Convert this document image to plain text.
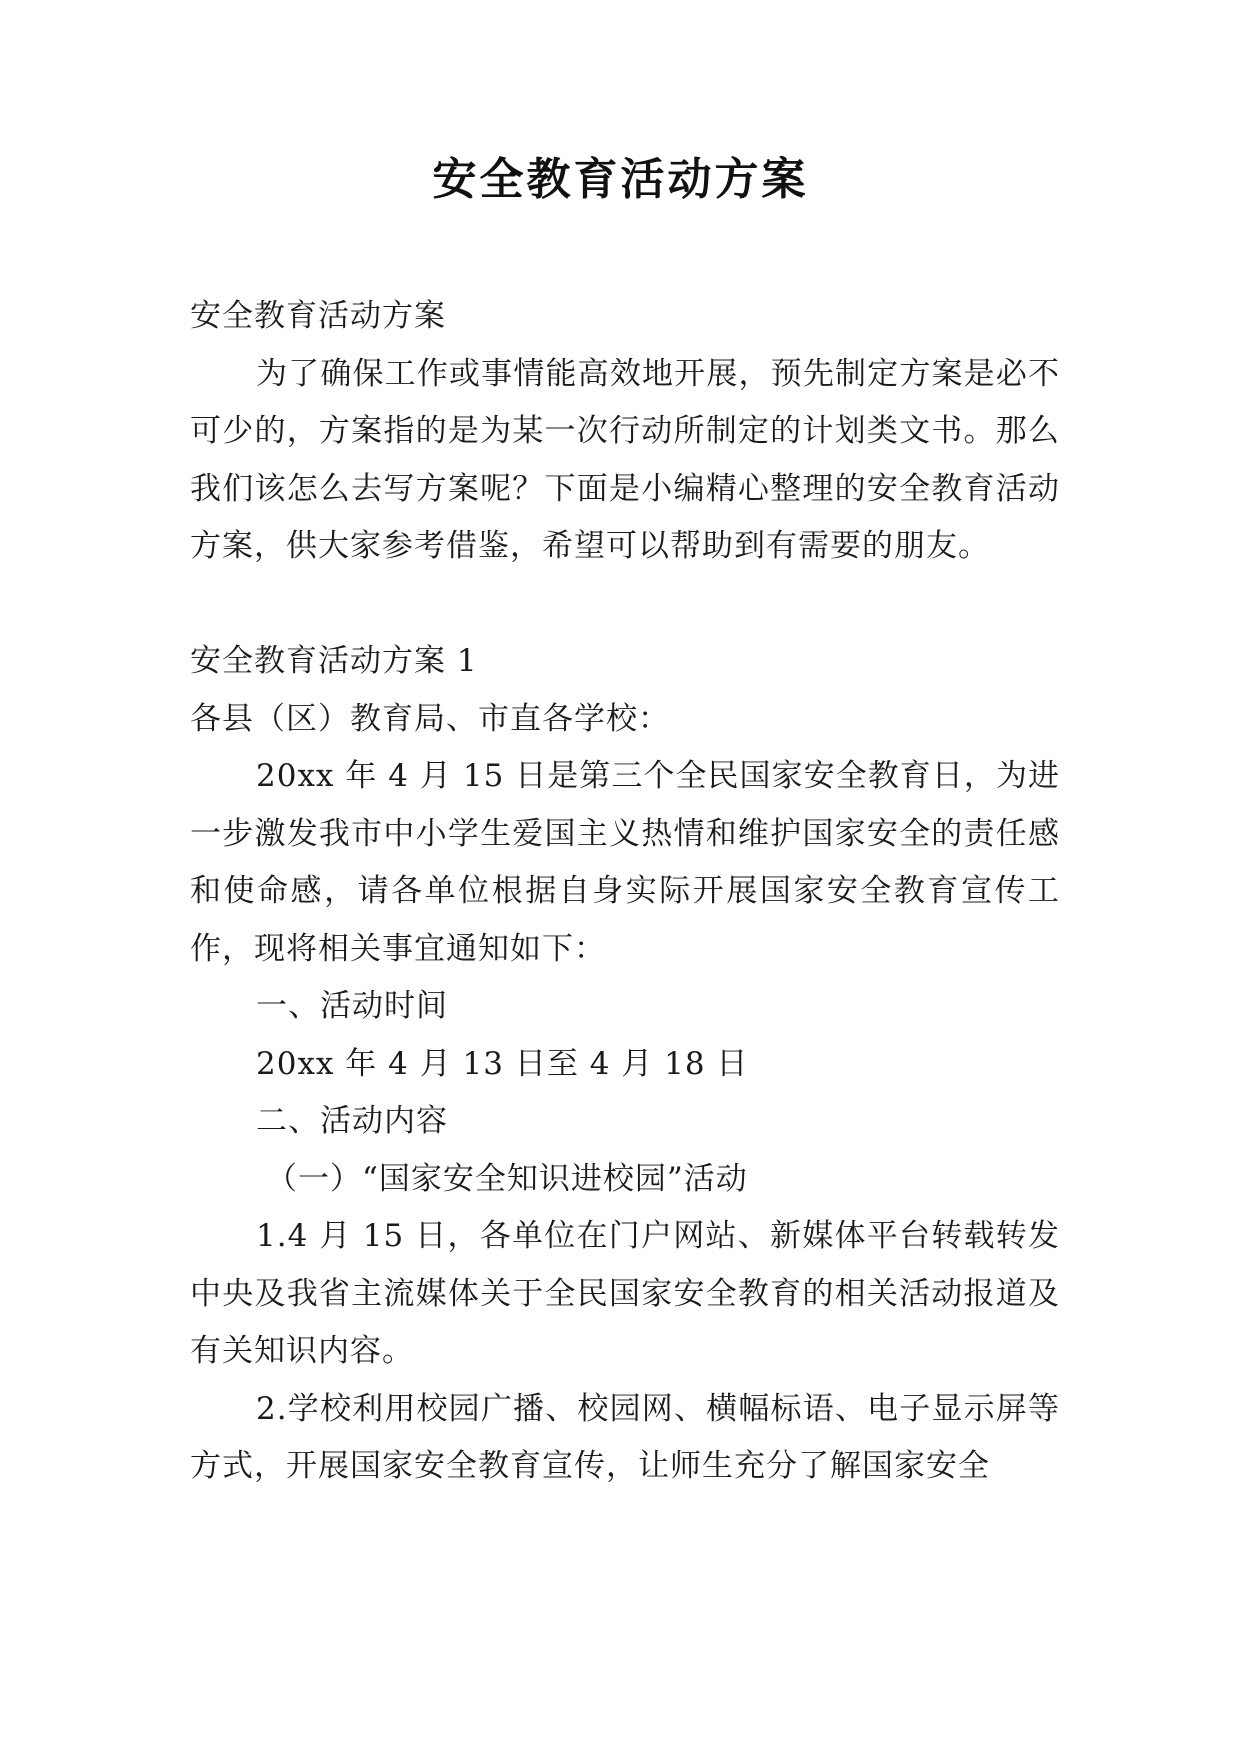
安全教育活动方案

安全教育活动方案

为了确保工作或事情能高效地开展，预先制定方案是必不可少的，方案指的是为某一次行动所制定的计划类文书。那么我们该怎么去写方案呢？下面是小编精心整理的安全教育活动方案，供大家参考借鉴，希望可以帮助到有需要的朋友。

安全教育活动方案 1

各县（区）教育局、市直各学校：

20xx 年 4 月 15 日是第三个全民国家安全教育日，为进一步激发我市中小学生爱国主义热情和维护国家安全的责任感和使命感，请各单位根据自身实际开展国家安全教育宣传工作，现将相关事宜通知如下：

一、活动时间

20xx 年 4 月 13 日至 4 月 18 日

二、活动内容

（一）“国家安全知识进校园”活动

1.4 月 15 日，各单位在门户网站、新媒体平台转载转发中央及我省主流媒体关于全民国家安全教育的相关活动报道及有关知识内容。

2.学校利用校园广播、校园网、横幅标语、电子显示屏等方式，开展国家安全教育宣传，让师生充分了解国家安全
